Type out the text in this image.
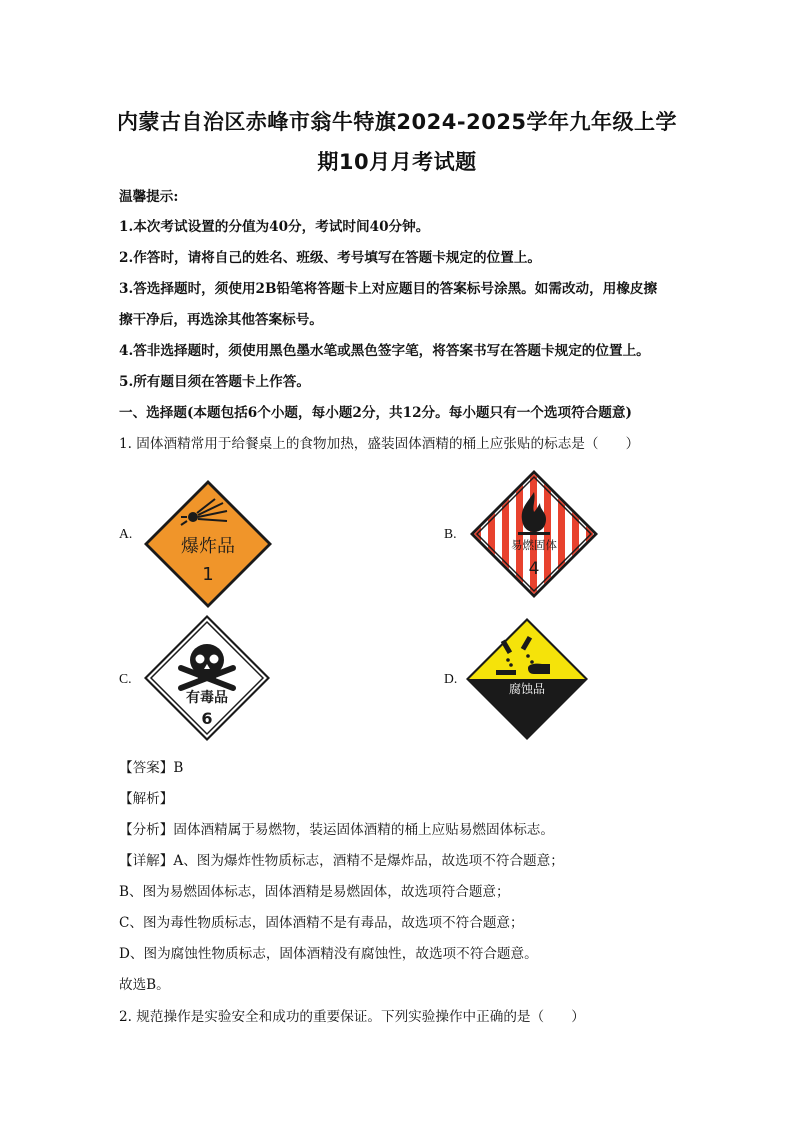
内蒙古自治区赤峰市翁牛特旗2024-2025学年九年级上学
期10月月考试题
温馨提示:
1.本次考试设置的分值为40分，考试时间40分钟。
2.作答时，请将自己的姓名、班级、考号填写在答题卡规定的位置上。
3.答选择题时，须使用2B铅笔将答题卡上对应题目的答案标号涂黑。如需改动，用橡皮擦
擦干净后，再选涂其他答案标号。
4.答非选择题时，须使用黑色墨水笔或黑色签字笔，将答案书写在答题卡规定的位置上。
5.所有题目须在答题卡上作答。
一、选择题(本题包括6个小题，每小题2分，共12分。每小题只有一个选项符合题意)
1. 固体酒精常用于给餐桌上的食物加热，盛装固体酒精的桶上应张贴的标志是（　　）
A.
爆炸品
1
B.
易燃固体
4
C.
有毒品
6
D.
腐蚀品
【答案】B
【解析】
【分析】固体酒精属于易燃物，装运固体酒精的桶上应贴易燃固体标志。
【详解】A、图为爆炸性物质标志，酒精不是爆炸品，故选项不符合题意；
B、图为易燃固体标志，固体酒精是易燃固体，故选项符合题意；
C、图为毒性物质标志，固体酒精不是有毒品，故选项不符合题意；
D、图为腐蚀性物质标志，固体酒精没有腐蚀性，故选项不符合题意。
故选B。
2. 规范操作是实验安全和成功的重要保证。下列实验操作中正确的是（　　）
